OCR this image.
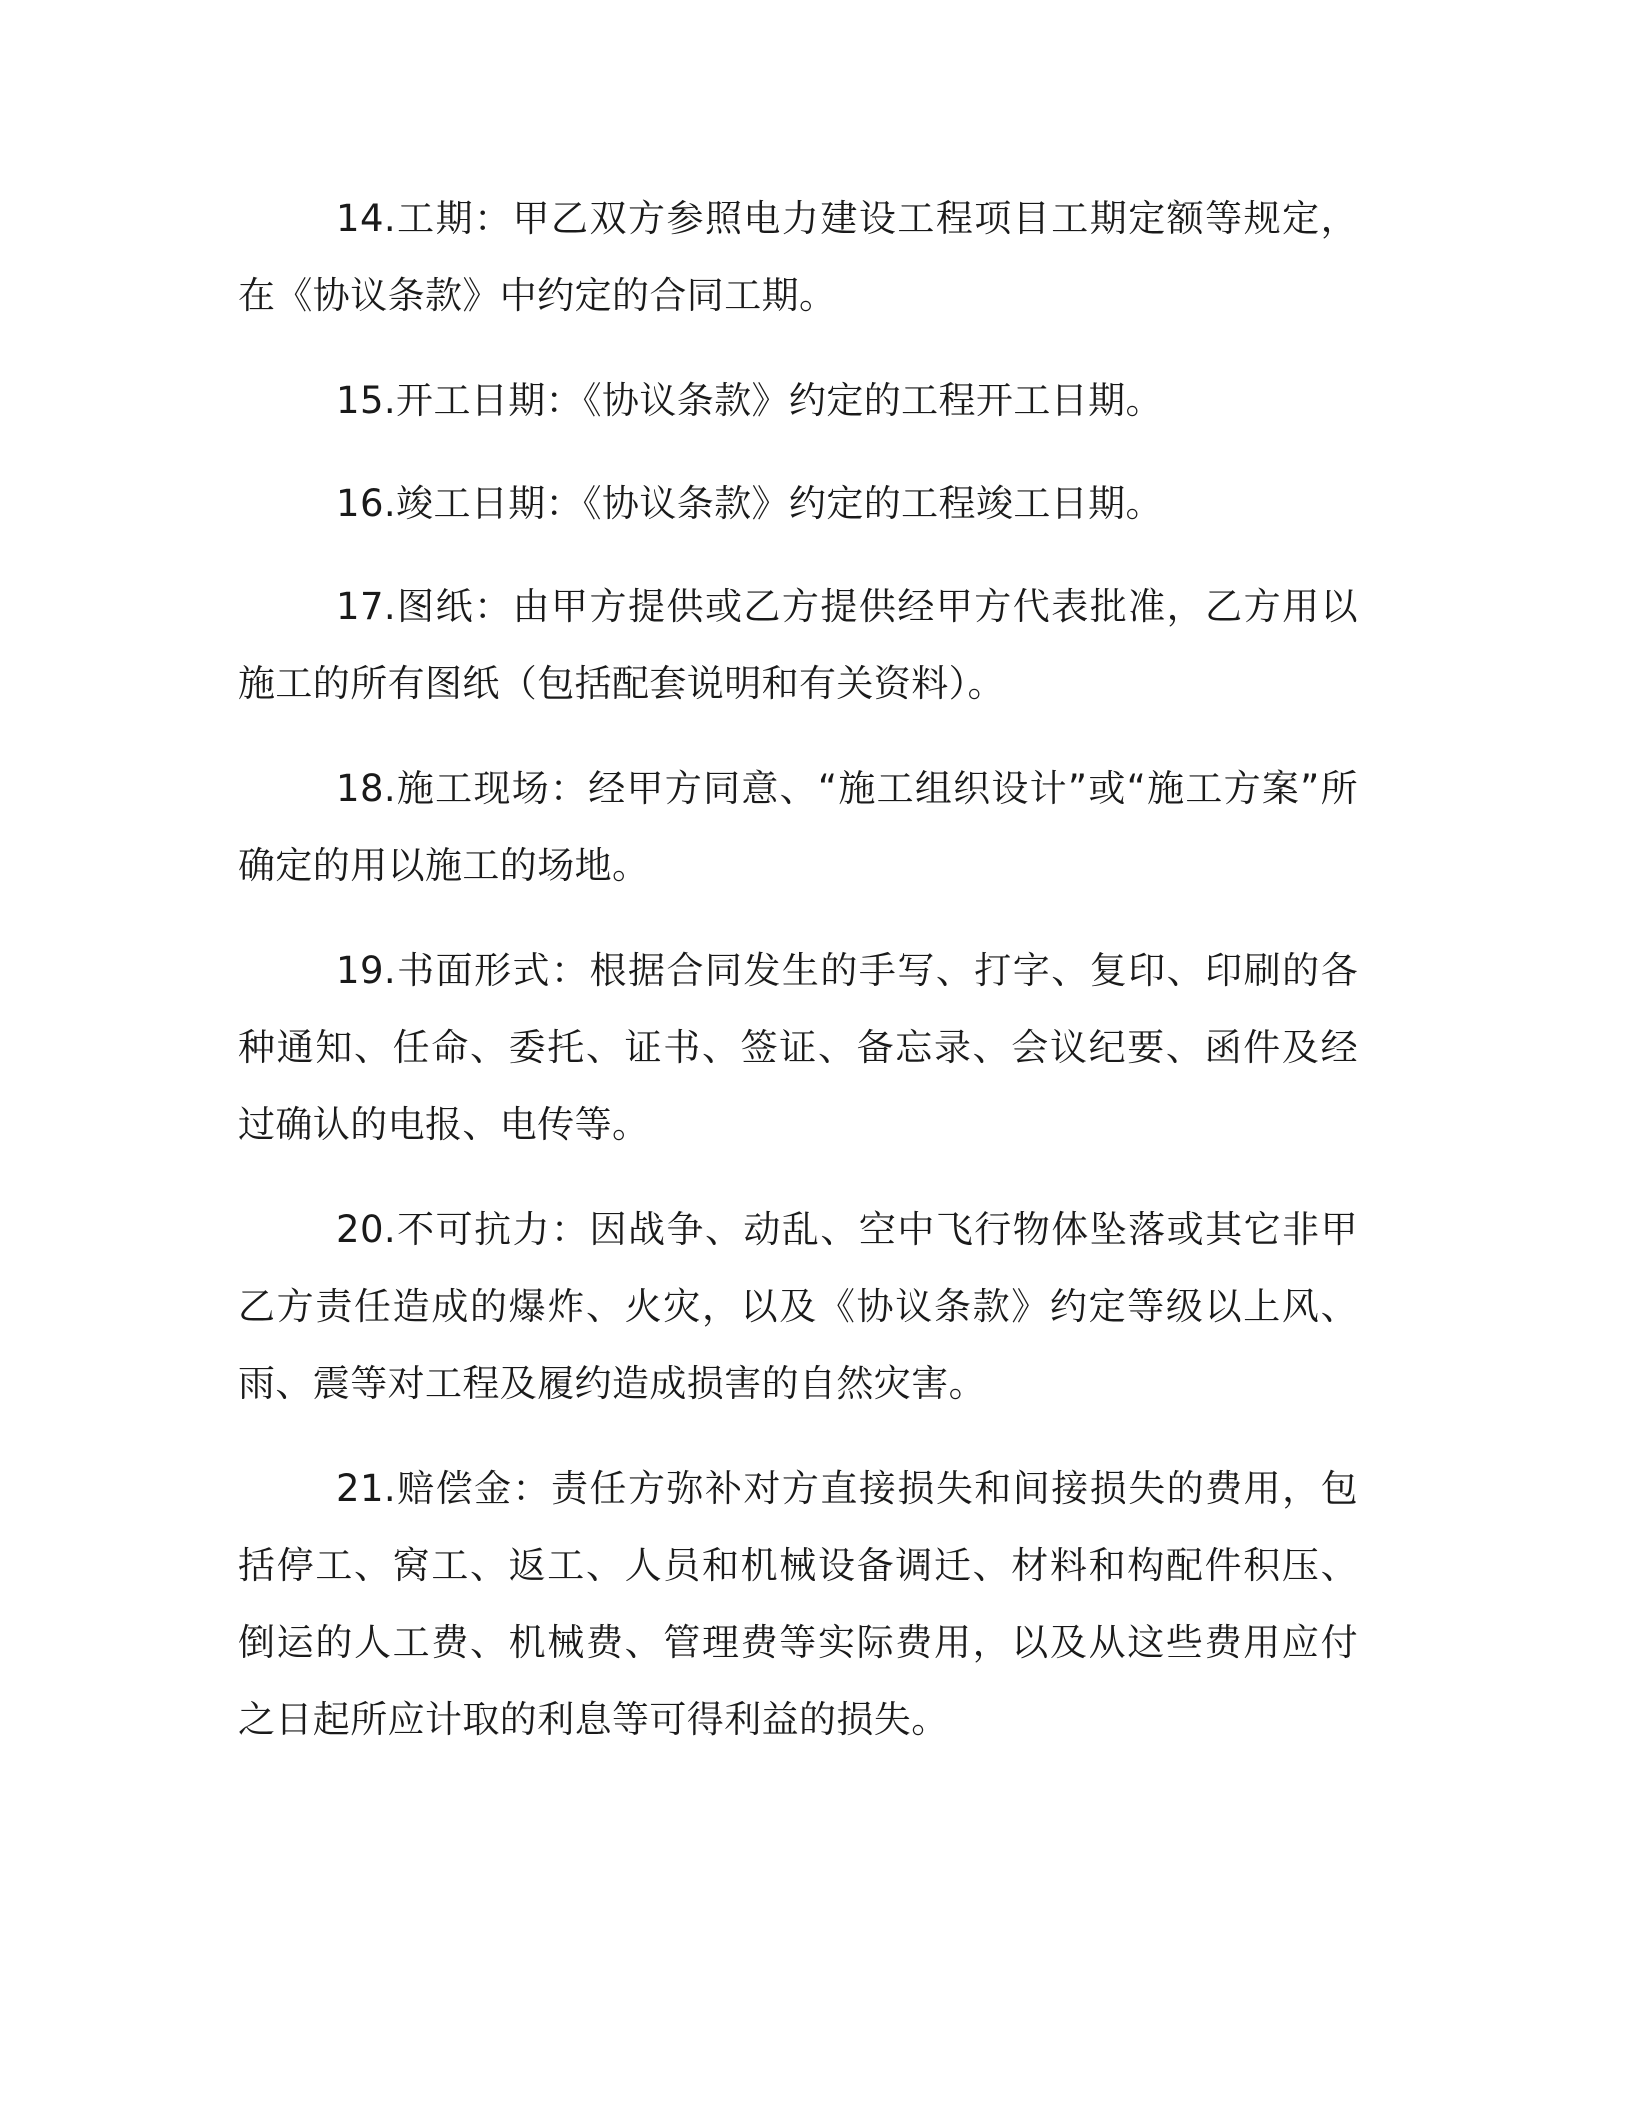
14.工期：甲乙双方参照电力建设工程项目工期定额等规定，在《协议条款》中约定的合同工期。

15.开工日期：《协议条款》约定的工程开工日期。

16.竣工日期：《协议条款》约定的工程竣工日期。

17.图纸：由甲方提供或乙方提供经甲方代表批准，乙方用以施工的所有图纸（包括配套说明和有关资料）。

18.施工现场：经甲方同意、“施工组织设计”或“施工方案”所确定的用以施工的场地。

19.书面形式：根据合同发生的手写、打字、复印、印刷的各种通知、任命、委托、证书、签证、备忘录、会议纪要、函件及经过确认的电报、电传等。

20.不可抗力：因战争、动乱、空中飞行物体坠落或其它非甲乙方责任造成的爆炸、火灾，以及《协议条款》约定等级以上风、雨、震等对工程及履约造成损害的自然灾害。

21.赔偿金：责任方弥补对方直接损失和间接损失的费用，包括停工、窝工、返工、人员和机械设备调迁、材料和构配件积压、倒运的人工费、机械费、管理费等实际费用，以及从这些费用应付之日起所应计取的利息等可得利益的损失。
